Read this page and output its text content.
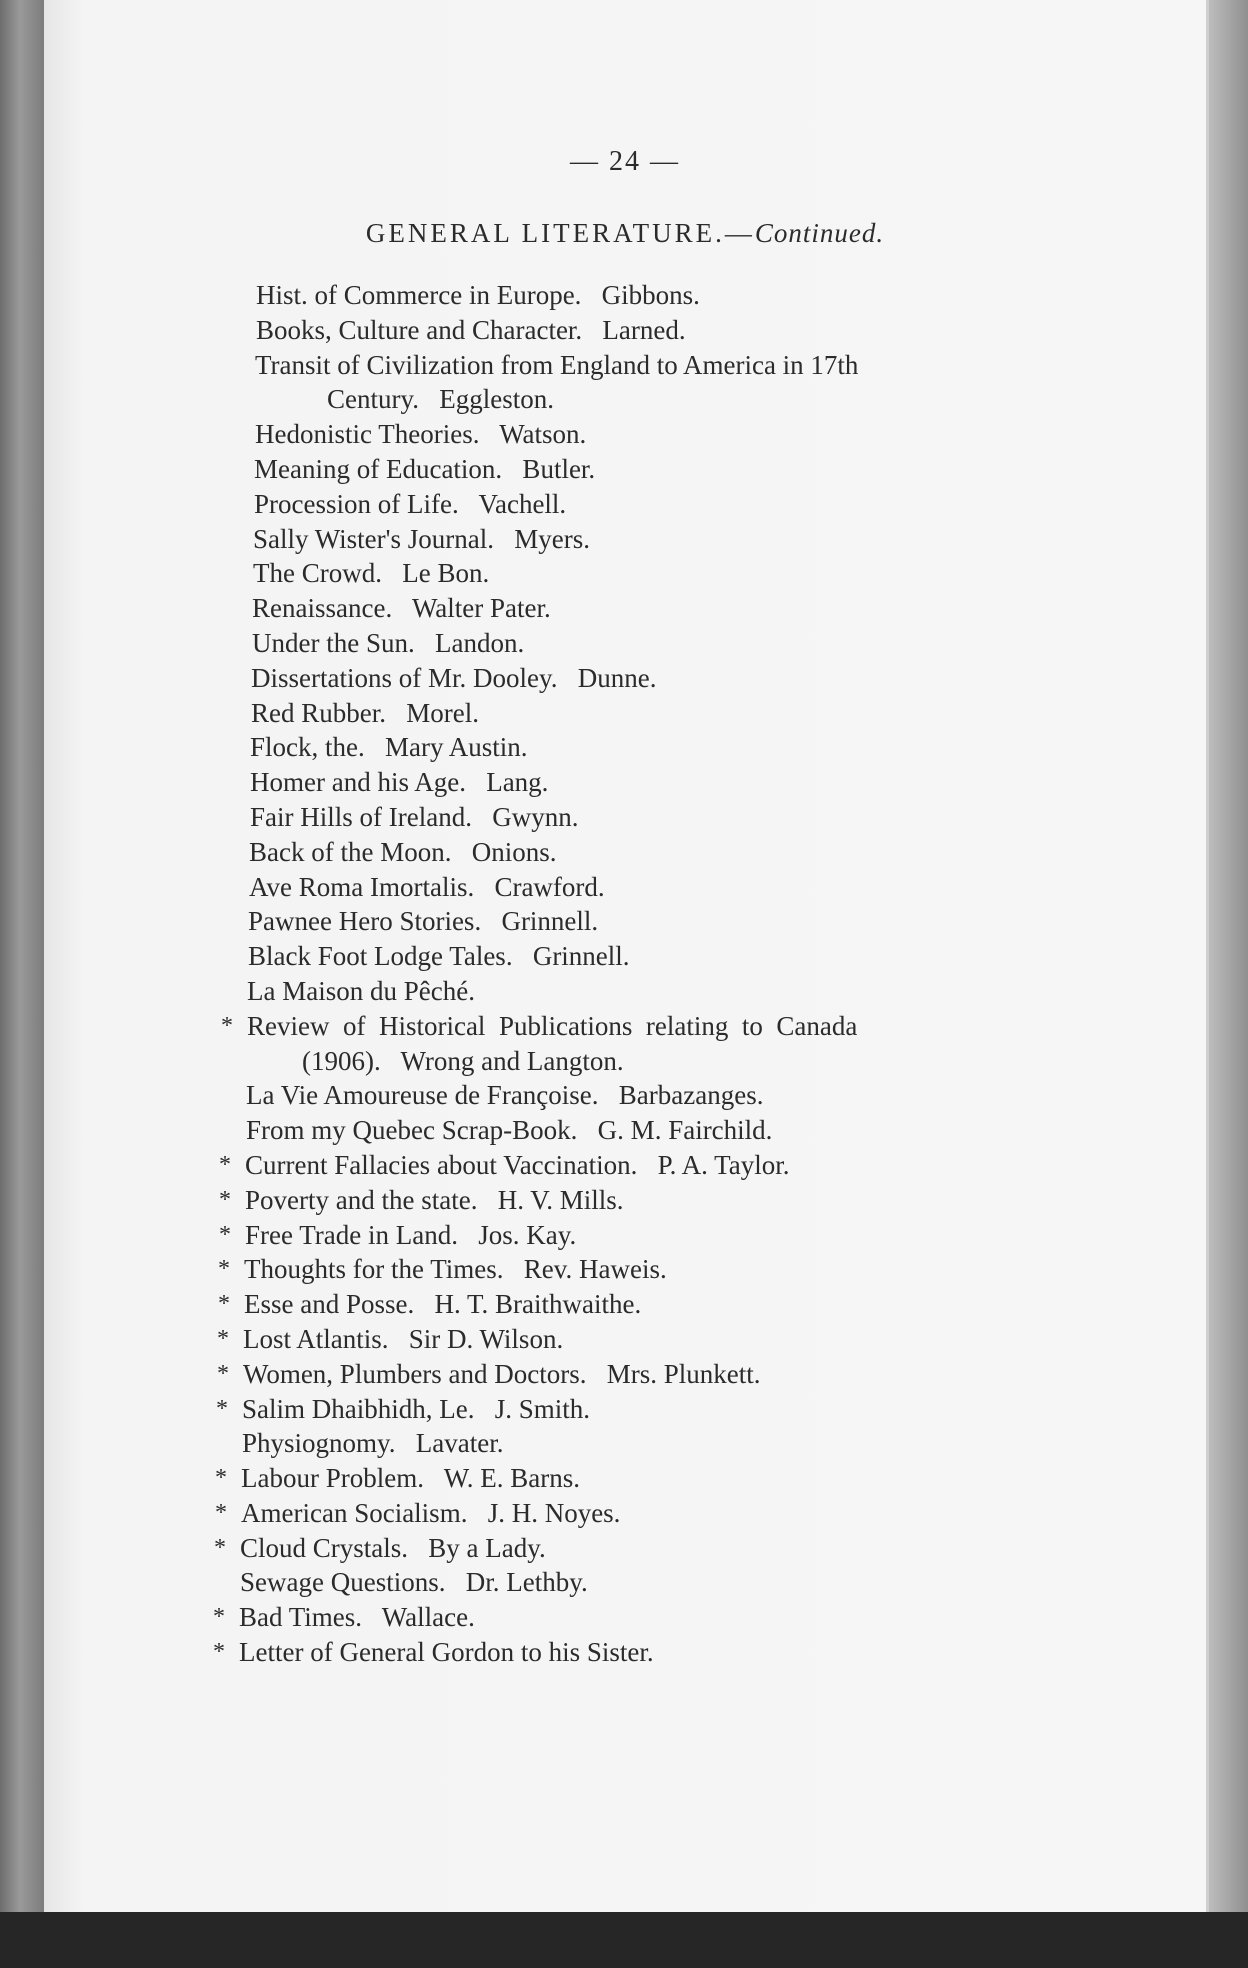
— 24 —
GENERAL LITERATURE.—Continued.
Hist. of Commerce in Europe.   Gibbons.
Books, Culture and Character.   Larned.
Transit of Civilization from England to America in 17th
Century.   Eggleston.
Hedonistic Theories.   Watson.
Meaning of Education.   Butler.
Procession of Life.   Vachell.
Sally Wister's Journal.   Myers.
The Crowd.   Le Bon.
Renaissance.   Walter Pater.
Under the Sun.   Landon.
Dissertations of Mr. Dooley.   Dunne.
Red Rubber.   Morel.
Flock, the.   Mary Austin.
Homer and his Age.   Lang.
Fair Hills of Ireland.   Gwynn.
Back of the Moon.   Onions.
Ave Roma Imortalis.   Crawford.
Pawnee Hero Stories.   Grinnell.
Black Foot Lodge Tales.   Grinnell.
La Maison du Pêché.
* Review  of  Historical  Publications  relating  to  Canada
(1906).   Wrong and Langton.
La Vie Amoureuse de Françoise.   Barbazanges.
From my Quebec Scrap-Book.   G. M. Fairchild.
* Current Fallacies about Vaccination.   P. A. Taylor.
* Poverty and the state.   H. V. Mills.
* Free Trade in Land.   Jos. Kay.
* Thoughts for the Times.   Rev. Haweis.
* Esse and Posse.   H. T. Braithwaithe.
* Lost Atlantis.   Sir D. Wilson.
* Women, Plumbers and Doctors.   Mrs. Plunkett.
* Salim Dhaibhidh, Le.   J. Smith.
Physiognomy.   Lavater.
* Labour Problem.   W. E. Barns.
* American Socialism.   J. H. Noyes.
* Cloud Crystals.   By a Lady.
Sewage Questions.   Dr. Lethby.
* Bad Times.   Wallace.
* Letter of General Gordon to his Sister.
